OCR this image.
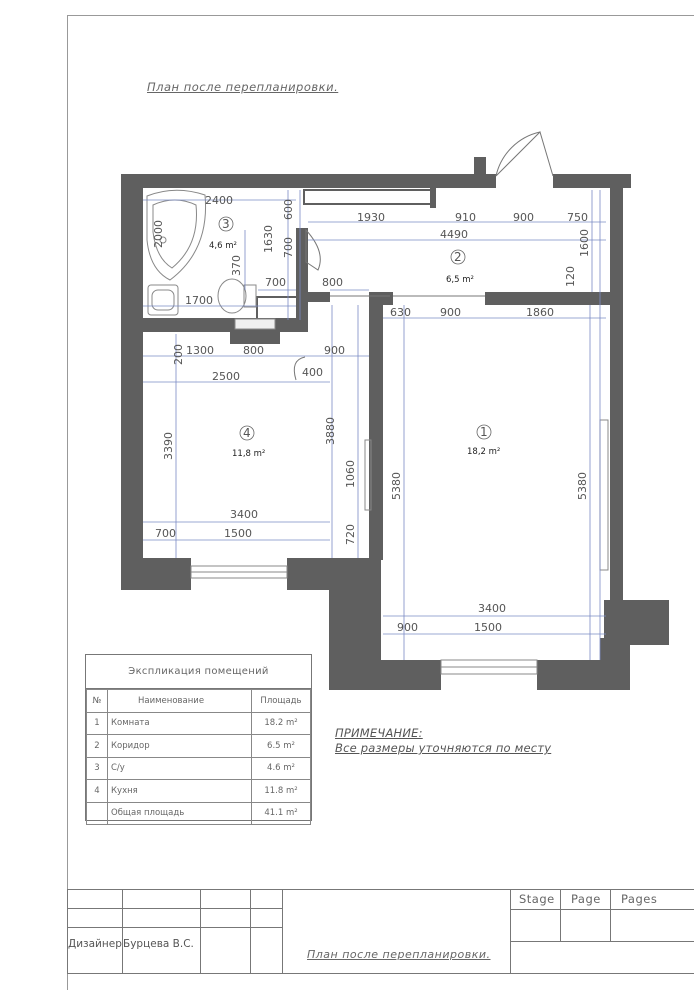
План после перепланировки.
2400	600	1930	910	900	750
4490	1600
2000	1630 700
370
700	800	120
1700
630	900	1860
200 1300	800	900
2500	400
3390
3880
1060	5380	5380
3400
700	1500	720
3400
900	1500
3
4,6 m²
2
6,5 m²
4
11,8 m²
1
18,2 m²
Экспликация помещений
№	Наименование	Площадь
1	Комната	18.2 m²
2	Коридор	6.5 m²
3	С/у	4.6 m²
4	Кухня	11.8 m²
	Общая площадь	41.1 m²
ПРИМЕЧАНИЕ:
Все размеры уточняются по месту
Stage Page Pages
Дизайнер Бурцева В.С.
План после перепланировки.
